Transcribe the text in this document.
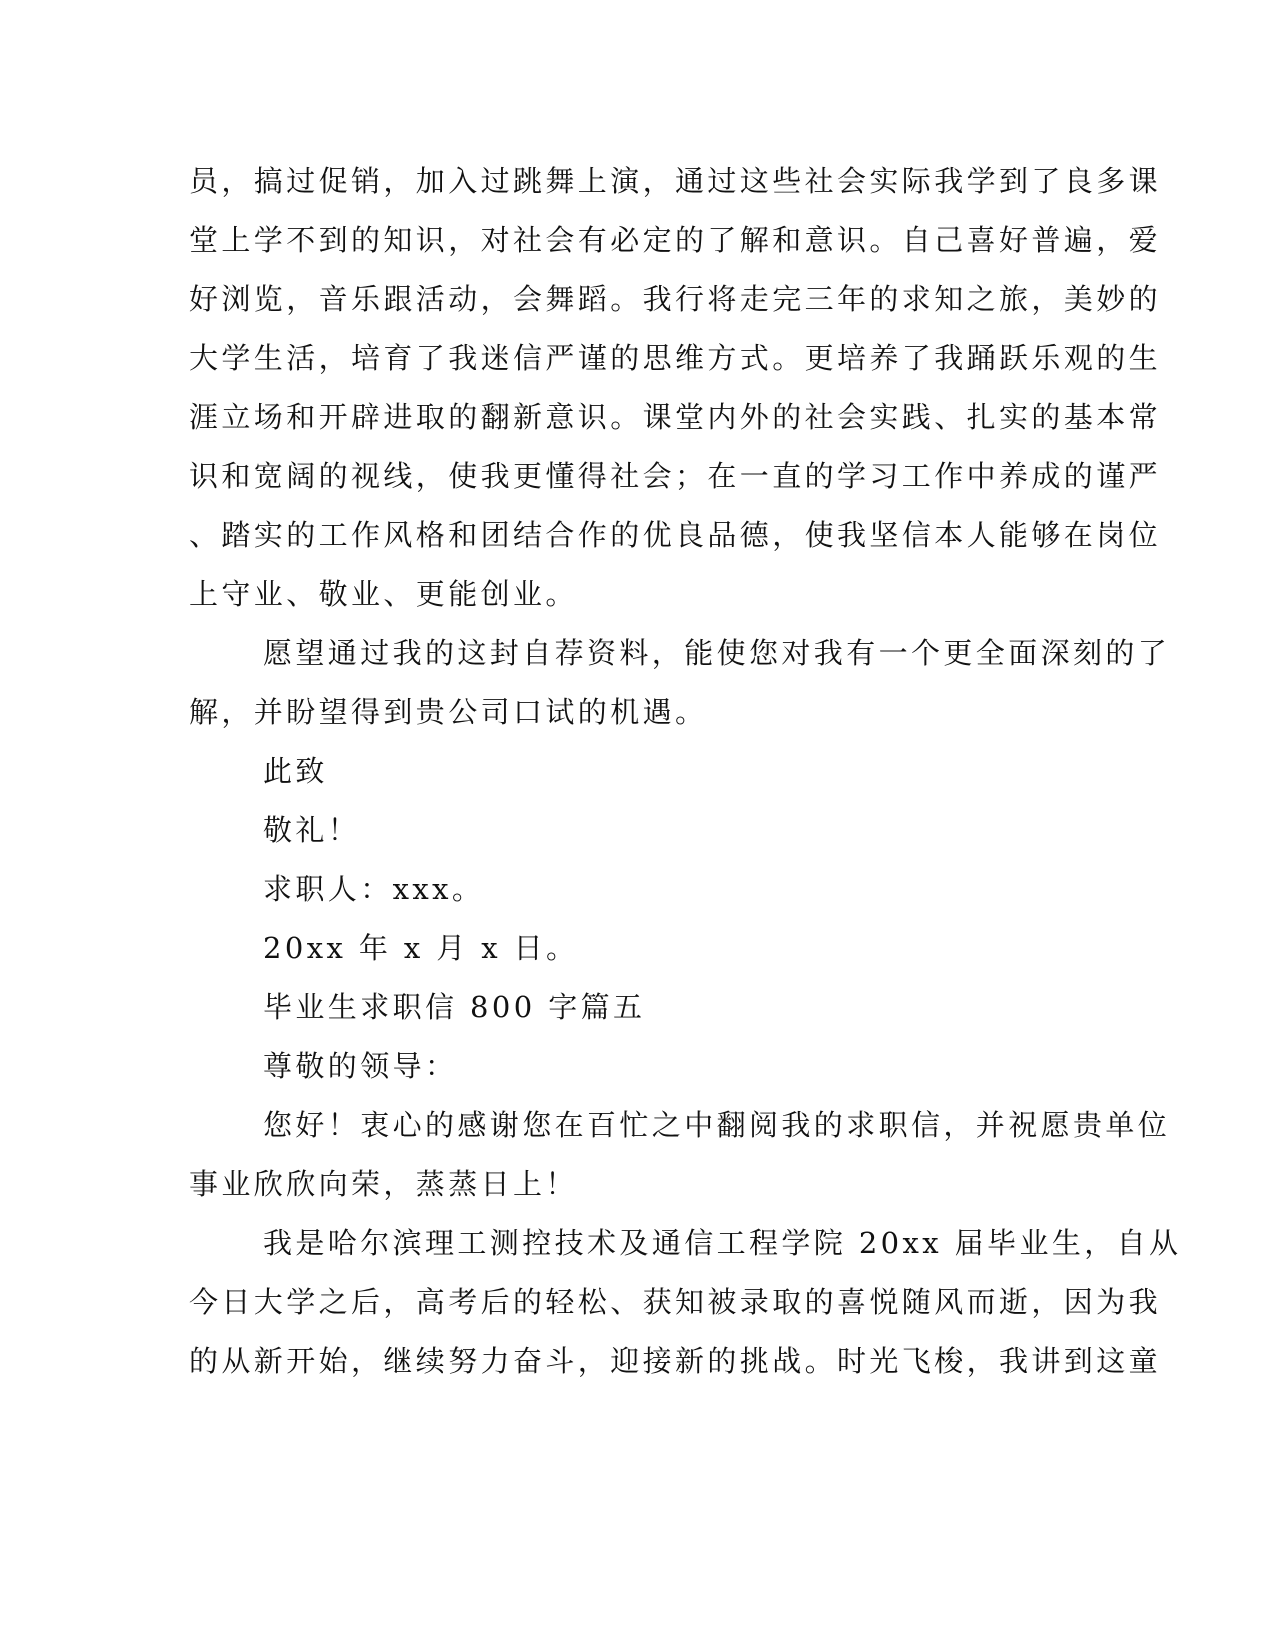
员，搞过促销，加入过跳舞上演，通过这些社会实际我学到了良多课
堂上学不到的知识，对社会有必定的了解和意识。自己喜好普遍，爱
好浏览，音乐跟活动，会舞蹈。我行将走完三年的求知之旅，美妙的
大学生活，培育了我迷信严谨的思维方式。更培养了我踊跃乐观的生
涯立场和开辟进取的翻新意识。课堂内外的社会实践、扎实的基本常
识和宽阔的视线，使我更懂得社会；在一直的学习工作中养成的谨严
、踏实的工作风格和团结合作的优良品德，使我坚信本人能够在岗位
上守业、敬业、更能创业。
愿望通过我的这封自荐资料，能使您对我有一个更全面深刻的了
解，并盼望得到贵公司口试的机遇。
此致
敬礼！
求职人：xxx。
20xx 年 x 月 x 日。
毕业生求职信 800 字篇五
尊敬的领导：
您好！衷心的感谢您在百忙之中翻阅我的求职信，并祝愿贵单位
事业欣欣向荣，蒸蒸日上！
我是哈尔滨理工测控技术及通信工程学院 20xx 届毕业生，自从
今日大学之后，高考后的轻松、获知被录取的喜悦随风而逝，因为我
的从新开始，继续努力奋斗，迎接新的挑战。时光飞梭，我讲到这童
